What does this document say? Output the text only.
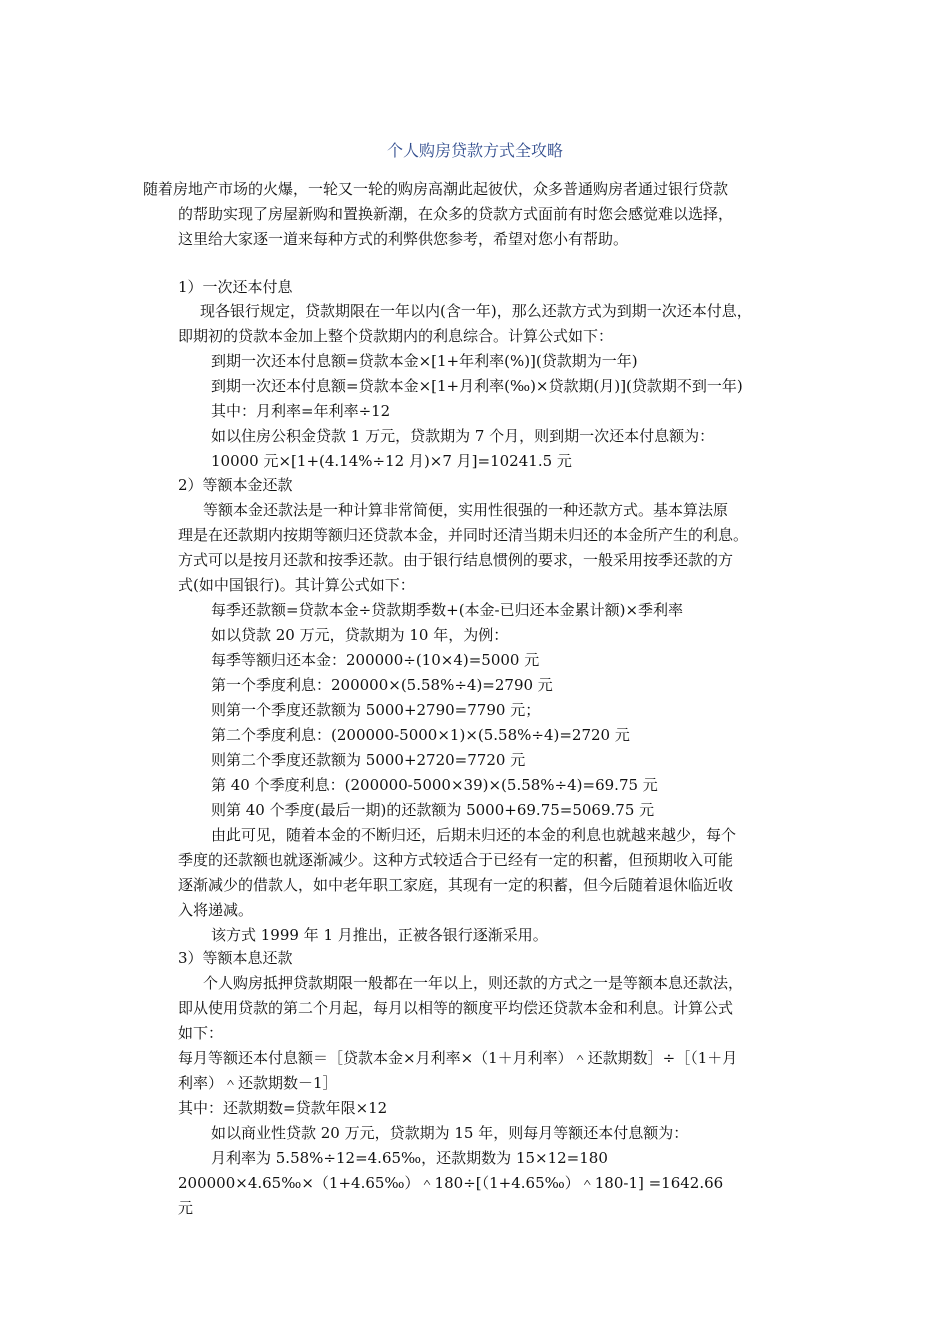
个人购房贷款方式全攻略
随着房地产市场的火爆，一轮又一轮的购房高潮此起彼伏，众多普通购房者通过银行贷款
的帮助实现了房屋新购和置换新潮，在众多的贷款方式面前有时您会感觉难以选择，
这里给大家逐一道来每种方式的利弊供您参考，希望对您小有帮助。
1）一次还本付息
现各银行规定，贷款期限在一年以内(含一年)，那么还款方式为到期一次还本付息，
即期初的贷款本金加上整个贷款期内的利息综合。计算公式如下：
到期一次还本付息额=贷款本金×[1+年利率(%)](贷款期为一年)
到期一次还本付息额=贷款本金×[1+月利率(‰)×贷款期(月)](贷款期不到一年)
其中：月利率=年利率÷12
如以住房公积金贷款 1 万元，贷款期为 7 个月，则到期一次还本付息额为：
10000 元×[1+(4.14%÷12 月)×7 月]=10241.5 元
2）等额本金还款
等额本金还款法是一种计算非常简便，实用性很强的一种还款方式。基本算法原
理是在还款期内按期等额归还贷款本金，并同时还清当期未归还的本金所产生的利息。
方式可以是按月还款和按季还款。由于银行结息惯例的要求，一般采用按季还款的方
式(如中国银行)。其计算公式如下：
每季还款额=贷款本金÷贷款期季数+(本金-已归还本金累计额)×季利率
如以贷款 20 万元，贷款期为 10 年，为例：
每季等额归还本金：200000÷(10×4)=5000 元
第一个季度利息：200000×(5.58%÷4)=2790 元
则第一个季度还款额为 5000+2790=7790 元；
第二个季度利息：(200000-5000×1)×(5.58%÷4)=2720 元
则第二个季度还款额为 5000+2720=7720 元
第 40 个季度利息：(200000-5000×39)×(5.58%÷4)=69.75 元
则第 40 个季度(最后一期)的还款额为 5000+69.75=5069.75 元
由此可见，随着本金的不断归还，后期未归还的本金的利息也就越来越少，每个
季度的还款额也就逐渐减少。这种方式较适合于已经有一定的积蓄，但预期收入可能
逐渐减少的借款人，如中老年职工家庭，其现有一定的积蓄，但今后随着退休临近收
入将递减。
该方式 1999 年 1 月推出，正被各银行逐渐采用。
3）等额本息还款
个人购房抵押贷款期限一般都在一年以上，则还款的方式之一是等额本息还款法，
即从使用贷款的第二个月起，每月以相等的额度平均偿还贷款本金和利息。计算公式
如下：
每月等额还本付息额＝［贷款本金×月利率×（1＋月利率）＾还款期数］÷［（1＋月
利率）＾还款期数－1］
其中：还款期数=贷款年限×12
如以商业性贷款 20 万元，贷款期为 15 年，则每月等额还本付息额为：
月利率为 5.58%÷12=4.65‰，还款期数为 15×12=180
200000×4.65‰×（1+4.65‰）＾180÷[（1+4.65‰）＾180-1] =1642.66
元
